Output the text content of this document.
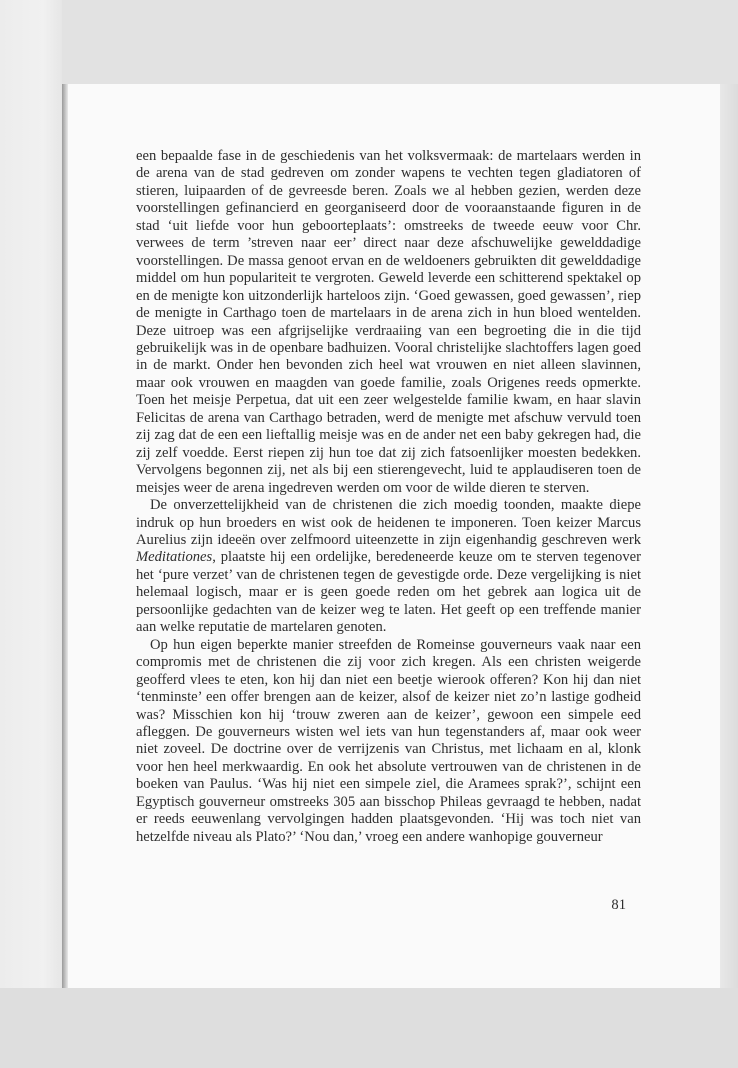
een bepaalde fase in de geschiedenis van het volksvermaak: de martelaars werden in de arena van de stad gedreven om zonder wapens te vechten tegen gladiatoren of stieren, luipaarden of de gevreesde beren. Zoals we al hebben gezien, werden deze voorstellingen gefinancierd en georganiseerd door de vooraanstaande figuren in de stad ‘uit liefde voor hun geboorteplaats’: omstreeks de tweede eeuw voor Chr. verwees de term ’streven naar eer’ direct naar deze afschuwelijke gewelddadige voorstellingen. De massa genoot ervan en de weldoeners gebruikten dit gewelddadige middel om hun populariteit te vergroten. Geweld leverde een schitterend spektakel op en de menigte kon uitzonderlijk harteloos zijn. ‘Goed gewassen, goed gewassen’, riep de menigte in Carthago toen de martelaars in de arena zich in hun bloed wentelden. Deze uitroep was een afgrijselijke verdraaiing van een begroeting die in die tijd gebruikelijk was in de openbare badhuizen. Vooral christelijke slachtoffers lagen goed in de markt. Onder hen bevonden zich heel wat vrouwen en niet alleen slavinnen, maar ook vrouwen en maagden van goede familie, zoals Origenes reeds opmerkte. Toen het meisje Perpetua, dat uit een zeer welgestelde familie kwam, en haar slavin Felicitas de arena van Carthago betraden, werd de menigte met afschuw vervuld toen zij zag dat de een een lieftallig meisje was en de ander net een baby gekregen had, die zij zelf voedde. Eerst riepen zij hun toe dat zij zich fatsoenlijker moesten bedekken. Vervolgens begonnen zij, net als bij een stierengevecht, luid te applaudiseren toen de meisjes weer de arena ingedreven werden om voor de wilde dieren te sterven.

De onverzettelijkheid van de christenen die zich moedig toonden, maakte diepe indruk op hun broeders en wist ook de heidenen te imponeren. Toen keizer Marcus Aurelius zijn ideeën over zelfmoord uiteenzette in zijn eigenhandig geschreven werk Meditationes, plaatste hij een ordelijke, beredeneerde keuze om te sterven tegenover het ‘pure verzet’ van de christenen tegen de gevestigde orde. Deze vergelijking is niet helemaal logisch, maar er is geen goede reden om het gebrek aan logica uit de persoonlijke gedachten van de keizer weg te laten. Het geeft op een treffende manier aan welke reputatie de martelaren genoten.

Op hun eigen beperkte manier streefden de Romeinse gouverneurs vaak naar een compromis met de christenen die zij voor zich kregen. Als een christen weigerde geofferd vlees te eten, kon hij dan niet een beetje wierook offeren? Kon hij dan niet ‘tenminste’ een offer brengen aan de keizer, alsof de keizer niet zo’n lastige godheid was? Misschien kon hij ‘trouw zweren aan de keizer’, gewoon een simpele eed afleggen. De gouverneurs wisten wel iets van hun tegenstanders af, maar ook weer niet zoveel. De doctrine over de verrijzenis van Christus, met lichaam en al, klonk voor hen heel merkwaardig. En ook het absolute vertrouwen van de christenen in de boeken van Paulus. ‘Was hij niet een simpele ziel, die Aramees sprak?’, schijnt een Egyptisch gouverneur omstreeks 305 aan bisschop Phileas gevraagd te hebben, nadat er reeds eeuwenlang vervolgingen hadden plaatsgevonden. ‘Hij was toch niet van hetzelfde niveau als Plato?’ ‘Nou dan,’ vroeg een andere wanhopige gouverneur

81
